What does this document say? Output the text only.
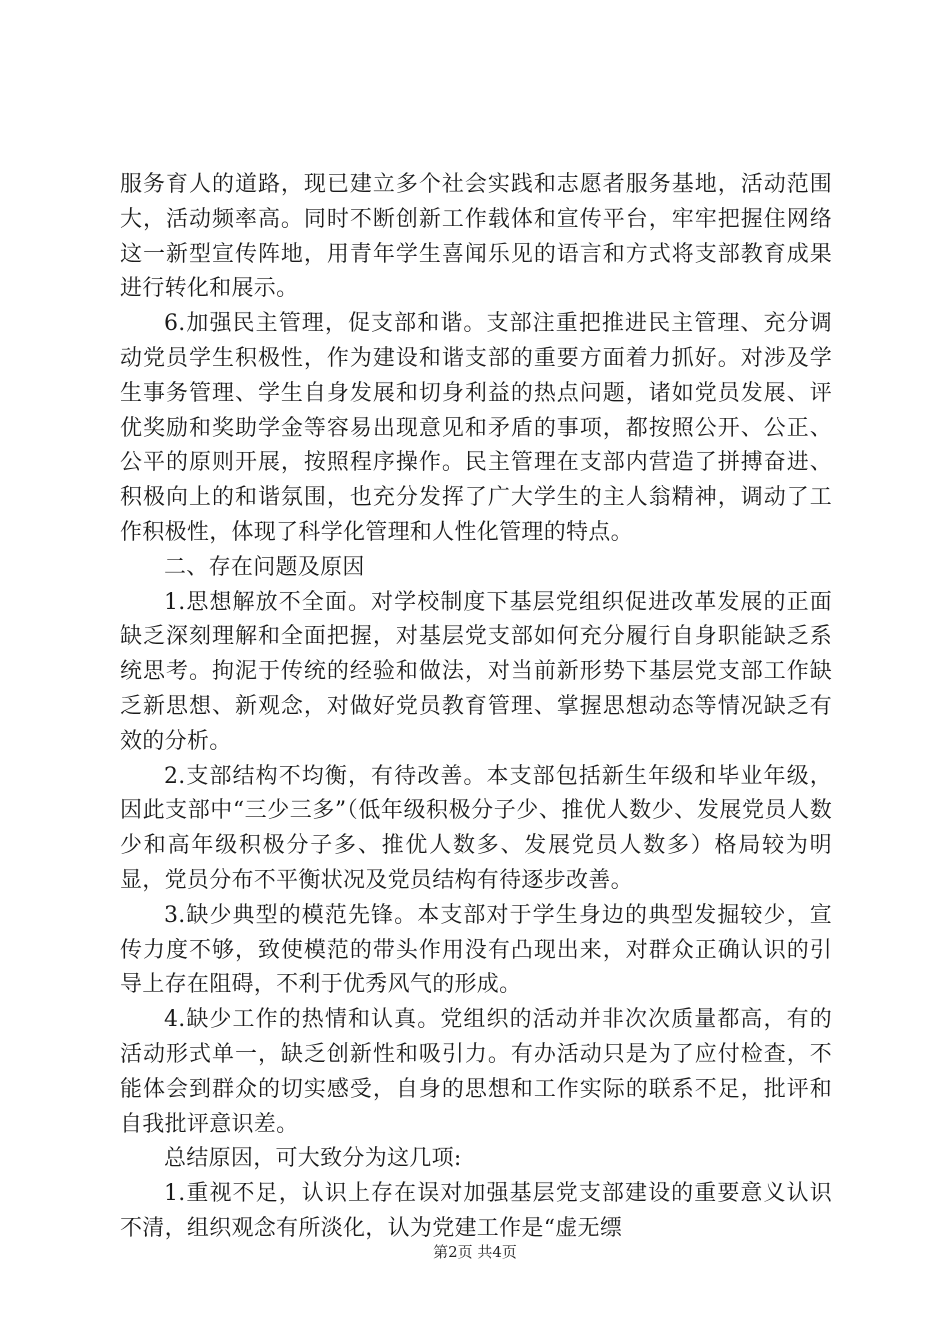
服务育人的道路，现已建立多个社会实践和志愿者服务基地，活动范围大，活动频率高。同时不断创新工作载体和宣传平台，牢牢把握住网络这一新型宣传阵地，用青年学生喜闻乐见的语言和方式将支部教育成果进行转化和展示。

6.加强民主管理，促支部和谐。支部注重把推进民主管理、充分调动党员学生积极性，作为建设和谐支部的重要方面着力抓好。对涉及学生事务管理、学生自身发展和切身利益的热点问题，诸如党员发展、评优奖励和奖助学金等容易出现意见和矛盾的事项，都按照公开、公正、公平的原则开展，按照程序操作。民主管理在支部内营造了拼搏奋进、积极向上的和谐氛围，也充分发挥了广大学生的主人翁精神，调动了工作积极性，体现了科学化管理和人性化管理的特点。

二、存在问题及原因

1.思想解放不全面。对学校制度下基层党组织促进改革发展的正面缺乏深刻理解和全面把握，对基层党支部如何充分履行自身职能缺乏系统思考。拘泥于传统的经验和做法，对当前新形势下基层党支部工作缺乏新思想、新观念，对做好党员教育管理、掌握思想动态等情况缺乏有效的分析。

2.支部结构不均衡，有待改善。本支部包括新生年级和毕业年级，因此支部中“三少三多”（低年级积极分子少、推优人数少、发展党员人数少和高年级积极分子多、推优人数多、发展党员人数多）格局较为明显，党员分布不平衡状况及党员结构有待逐步改善。

3.缺少典型的模范先锋。本支部对于学生身边的典型发掘较少，宣传力度不够，致使模范的带头作用没有凸现出来，对群众正确认识的引导上存在阻碍，不利于优秀风气的形成。

4.缺少工作的热情和认真。党组织的活动并非次次质量都高，有的活动形式单一，缺乏创新性和吸引力。有办活动只是为了应付检查，不能体会到群众的切实感受，自身的思想和工作实际的联系不足，批评和自我批评意识差。

总结原因，可大致分为这几项:

1.重视不足，认识上存在误对加强基层党支部建设的重要意义认识不清，组织观念有所淡化，认为党建工作是“虚无缥

第2页 共4页
